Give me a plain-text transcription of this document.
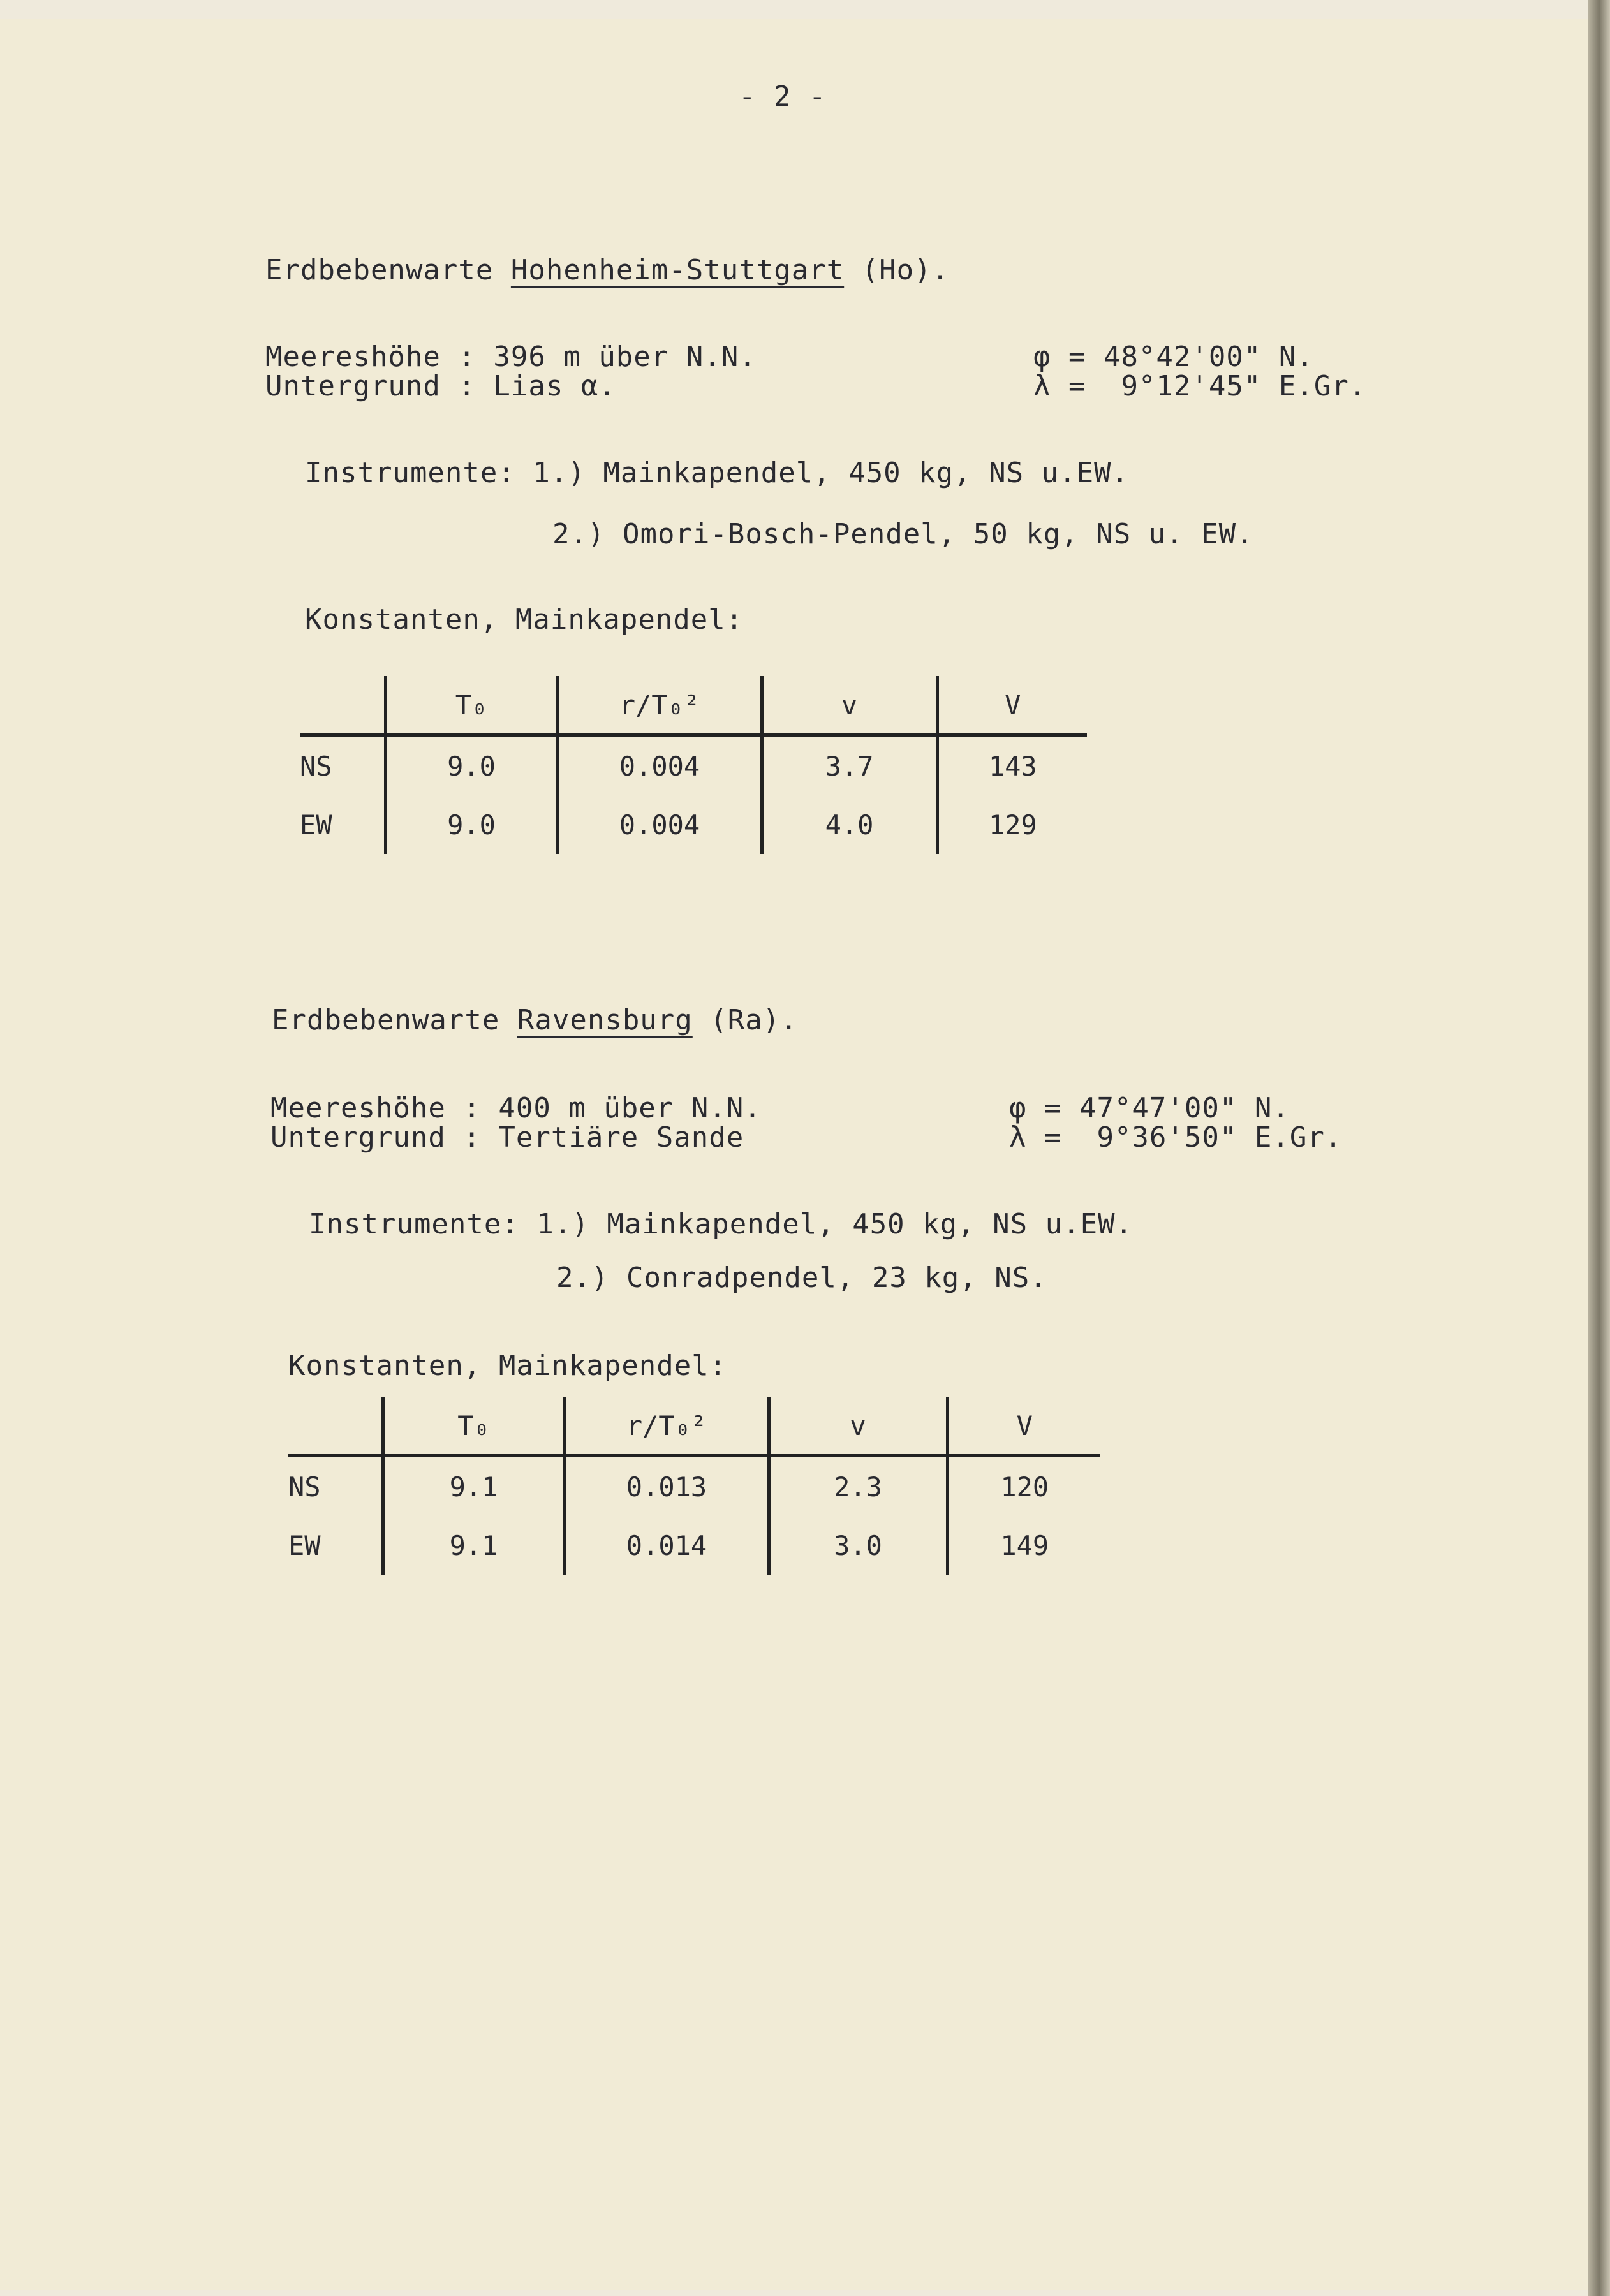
- 2 -
Erdbebenwarte Hohenheim-Stuttgart (Ho).
Meereshöhe : 396 m über N.N.
Untergrund : Lias α.
φ = 48°42'00" N.
λ =  9°12'45" E.Gr.
Instrumente: 1.) Mainkapendel, 450 kg, NS u.EW.
2.) Omori-Bosch-Pendel, 50 kg, NS u. EW.
Konstanten, Mainkapendel:
	T₀	r/T₀²	v	V
NS	9.0	0.004	3.7	143
EW	9.0	0.004	4.0	129
Erdbebenwarte Ravensburg (Ra).
Meereshöhe : 400 m über N.N.
Untergrund : Tertiäre Sande
φ = 47°47'00" N.
λ =  9°36'50" E.Gr.
Instrumente: 1.) Mainkapendel, 450 kg, NS u.EW.
2.) Conradpendel, 23 kg, NS.
Konstanten, Mainkapendel:
	T₀	r/T₀²	v	V
NS	9.1	0.013	2.3	120
EW	9.1	0.014	3.0	149
